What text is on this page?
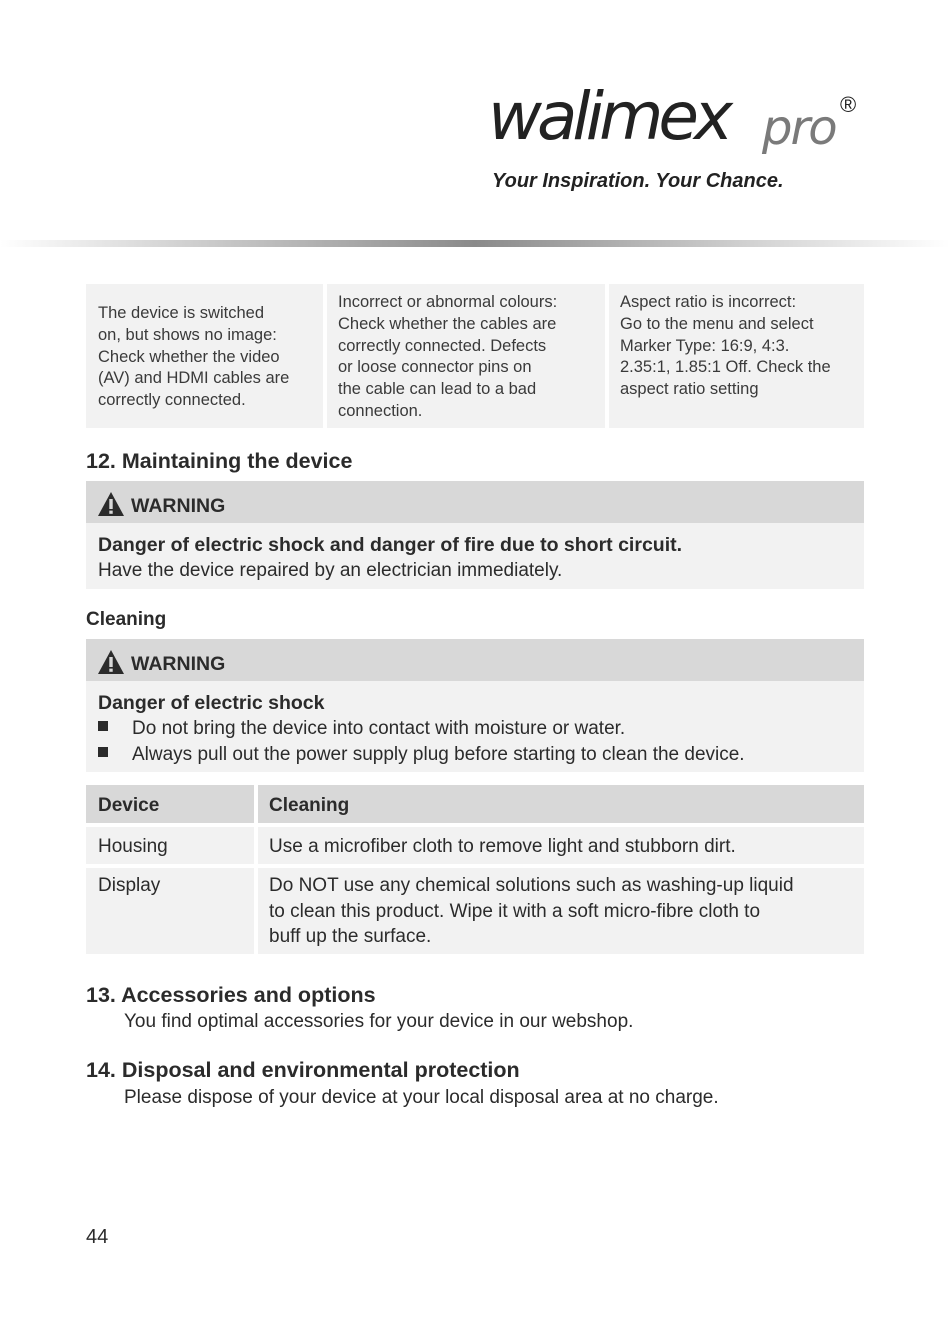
walimex pro ®
Your Inspiration. Your Chance.

The device is switched
on, but shows no image:
Check whether the video
(AV) and HDMI cables are
correctly connected.

Incorrect or abnormal colours:
Check whether the cables are
correctly connected. Defects
or loose connector pins on
the cable can lead to a bad
connection.

Aspect ratio is incorrect:
Go to the menu and select
Marker Type: 16:9, 4:3.
2.35:1, 1.85:1 Off. Check the
aspect ratio setting

12. Maintaining the device
WARNING
Danger of electric shock and danger of fire due to short circuit.
Have the device repaired by an electrician immediately.
Cleaning
WARNING
Danger of electric shock
Do not bring the device into contact with moisture or water.
Always pull out the power supply plug before starting to clean the device.
Device	Cleaning
Housing	Use a microfiber cloth to remove light and stubborn dirt.
Display	Do NOT use any chemical solutions such as washing-up liquid
to clean this product. Wipe it with a soft micro-fibre cloth to
buff up the surface.
13. Accessories and options
You find optimal accessories for your device in our webshop.
14. Disposal and environmental protection
Please dispose of your device at your local disposal area at no charge.
44
